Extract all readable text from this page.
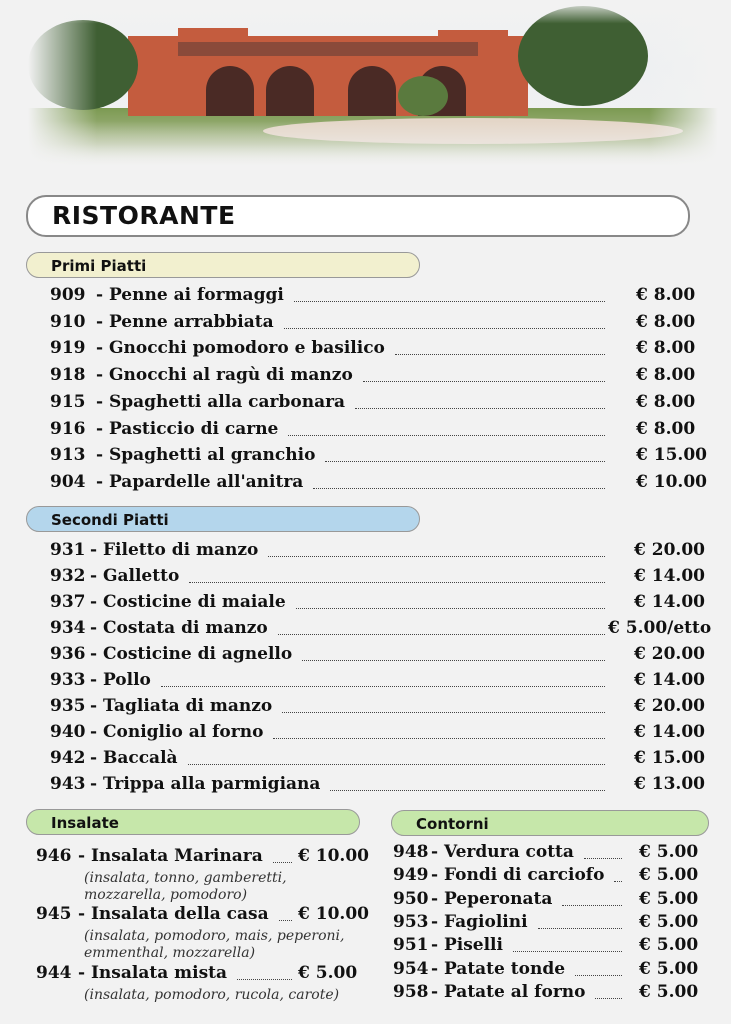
RISTORANTE
Primi Piatti
Secondi Piatti
Insalate	Contorni
909 - Penne ai formaggi	€ 8.00
910 - Penne arrabbiata	€ 8.00
919 - Gnocchi pomodoro e basilico	€ 8.00
918 - Gnocchi al ragù di manzo	€ 8.00
915 - Spaghetti alla carbonara	€ 8.00
916 - Pasticcio di carne	€ 8.00
913 - Spaghetti al granchio	€ 15.00
904 - Papardelle all'anitra	€ 10.00
931 - Filetto di manzo	€ 20.00
932 - Galletto	€ 14.00
937 - Costicine di maiale	€ 14.00
934 - Costata di manzo	€ 5.00/etto
936 - Costicine di agnello	€ 20.00
933 - Pollo	€ 14.00
935 - Tagliata di manzo	€ 20.00
940 - Coniglio al forno	€ 14.00
942 - Baccalà	€ 15.00
943 - Trippa alla parmigiana	€ 13.00
946 - Insalata Marinara € 10.00
(insalata, tonno, gamberetti,
mozzarella, pomodoro)
945 - Insalata della casa € 10.00
(insalata, pomodoro, mais, peperoni,
emmenthal, mozzarella)
944 - Insalata mista	€ 5.00
(insalata, pomodoro, rucola, carote)
948 - Verdura cotta	€ 5.00
949 - Fondi di carciofo € 5.00
950 - Peperonata	€ 5.00
953 - Fagiolini	€ 5.00
951 - Piselli	€ 5.00
954 - Patate tonde	€ 5.00
958 - Patate al forno	€ 5.00
